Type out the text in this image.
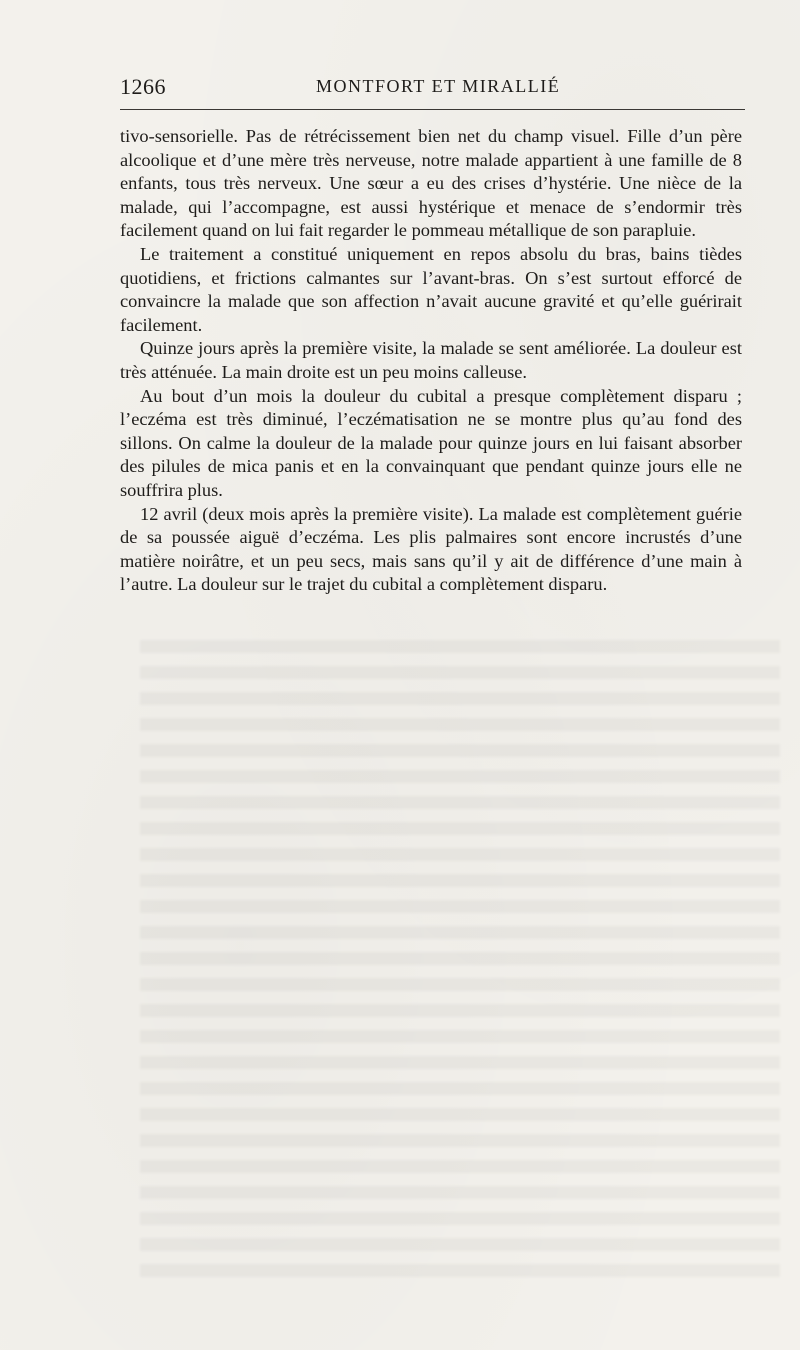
1266	MONTFORT ET MIRALLIÉ

tivo-sensorielle. Pas de rétrécissement bien net du champ visuel. Fille d’un père alcoolique et d’une mère très nerveuse, notre malade appartient à une famille de 8 enfants, tous très nerveux. Une sœur a eu des crises d’hystérie. Une nièce de la malade, qui l’accompagne, est aussi hystérique et menace de s’endormir très facilement quand on lui fait regarder le pommeau métallique de son parapluie.

Le traitement a constitué uniquement en repos absolu du bras, bains tièdes quotidiens, et frictions calmantes sur l’avant-bras. On s’est surtout efforcé de convaincre la malade que son affection n’avait aucune gravité et qu’elle guérirait facilement.

Quinze jours après la première visite, la malade se sent améliorée. La douleur est très atténuée. La main droite est un peu moins calleuse.

Au bout d’un mois la douleur du cubital a presque complètement disparu ; l’eczéma est très diminué, l’eczématisation ne se montre plus qu’au fond des sillons. On calme la douleur de la malade pour quinze jours en lui faisant absorber des pilules de mica panis et en la convainquant que pendant quinze jours elle ne souffrira plus.

12 avril (deux mois après la première visite). La malade est complètement guérie de sa poussée aiguë d’eczéma. Les plis palmaires sont encore incrustés d’une matière noirâtre, et un peu secs, mais sans qu’il y ait de différence d’une main à l’autre. La douleur sur le trajet du cubital a complètement disparu.
